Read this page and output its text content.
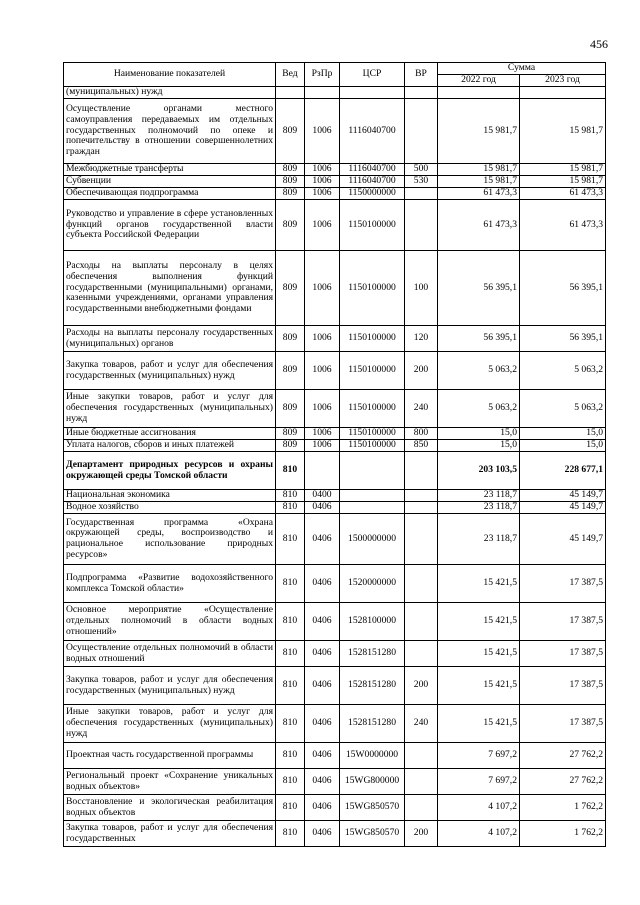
456
Наименование показателей	Вед	РзПр	ЦСР	ВР	Сумма	
					2022 год	2023 год
(муниципальных) нужд						
Осуществление органами местного самоуправления передаваемых им отдельных государственных полномочий по опеке и попечительству в отношении совершеннолетних граждан	809	1006	1116040700		15 981,7	15 981,7
Межбюджетные трансферты	809	1006	1116040700	500	15 981,7	15 981,7
Субвенции	809	1006	1116040700	530	15 981,7	15 981,7
Обеспечивающая подпрограмма	809	1006	1150000000		61 473,3	61 473,3
Руководство и управление в сфере установленных функций органов государственной власти субъекта Российской Федерации	809	1006	1150100000		61 473,3	61 473,3
Расходы на выплаты персоналу в целях обеспечения выполнения функций государственными (муниципальными) органами, казенными учреждениями, органами управления государственными внебюджетными фондами	809	1006	1150100000	100	56 395,1	56 395,1
Расходы на выплаты персоналу государственных (муниципальных) органов	809	1006	1150100000	120	56 395,1	56 395,1
Закупка товаров, работ и услуг для обеспечения государственных (муниципальных) нужд	809	1006	1150100000	200	5 063,2	5 063,2
Иные закупки товаров, работ и услуг для обеспечения государственных (муниципальных) нужд	809	1006	1150100000	240	5 063,2	5 063,2
Иные бюджетные ассигнования	809	1006	1150100000	800	15,0	15,0
Уплата налогов, сборов и иных платежей	809	1006	1150100000	850	15,0	15,0
Департамент природных ресурсов и охраны окружающей среды Томской области	810				203 103,5	228 677,1
Национальная экономика	810	0400			23 118,7	45 149,7
Водное хозяйство	810	0406			23 118,7	45 149,7
Государственная программа «Охрана окружающей среды, воспроизводство и рациональное использование природных ресурсов»	810	0406	1500000000		23 118,7	45 149,7
Подпрограмма «Развитие водохозяйственного комплекса Томской области»	810	0406	1520000000		15 421,5	17 387,5
Основное мероприятие «Осуществление отдельных полномочий в области водных отношений»	810	0406	1528100000		15 421,5	17 387,5
Осуществление отдельных полномочий в области водных отношений	810	0406	1528151280		15 421,5	17 387,5
Закупка товаров, работ и услуг для обеспечения государственных (муниципальных) нужд	810	0406	1528151280	200	15 421,5	17 387,5
Иные закупки товаров, работ и услуг для обеспечения государственных (муниципальных) нужд	810	0406	1528151280	240	15 421,5	17 387,5
Проектная часть государственной программы	810	0406	15W0000000		7 697,2	27 762,2
Региональный проект «Сохранение уникальных водных объектов»	810	0406	15WG800000		7 697,2	27 762,2
Восстановление и экологическая реабилитация водных объектов	810	0406	15WG850570		4 107,2	1 762,2
Закупка товаров, работ и услуг для обеспечения государственных	810	0406	15WG850570	200	4 107,2	1 762,2
